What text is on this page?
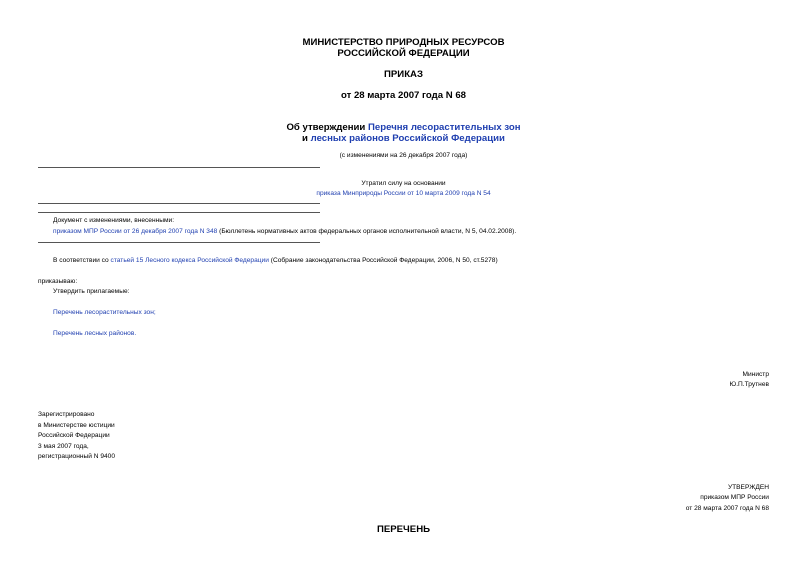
МИНИСТЕРСТВО ПРИРОДНЫХ РЕСУРСОВ
РОССИЙСКОЙ ФЕДЕРАЦИИ
ПРИКАЗ
от 28 марта 2007 года N 68
Об утверждении Перечня лесорастительных зон
и лесных районов Российской Федерации
(с изменениями на 26 декабря 2007 года)
Утратил силу на основании
приказа Минприроды России от 10 марта 2009 года N 54
Документ с изменениями, внесенными:
приказом МПР России от 26 декабря 2007 года N 348 (Бюллетень нормативных актов федеральных органов исполнительной власти, N 5, 04.02.2008).
В соответствии со статьей 15 Лесного кодекса Российской Федерации (Собрание законодательства Российской Федерации, 2006, N 50, ст.5278)
приказываю:
Утвердить прилагаемые:
Перечень лесорастительных зон;
Перечень лесных районов.
Министр
Ю.П.Трутнев
Зарегистрировано
в Министерстве юстиции
Российской Федерации
3 мая 2007 года,
регистрационный N 9400
УТВЕРЖДЕН
приказом МПР России
от 28 марта 2007 года N 68
ПЕРЕЧЕНЬ
